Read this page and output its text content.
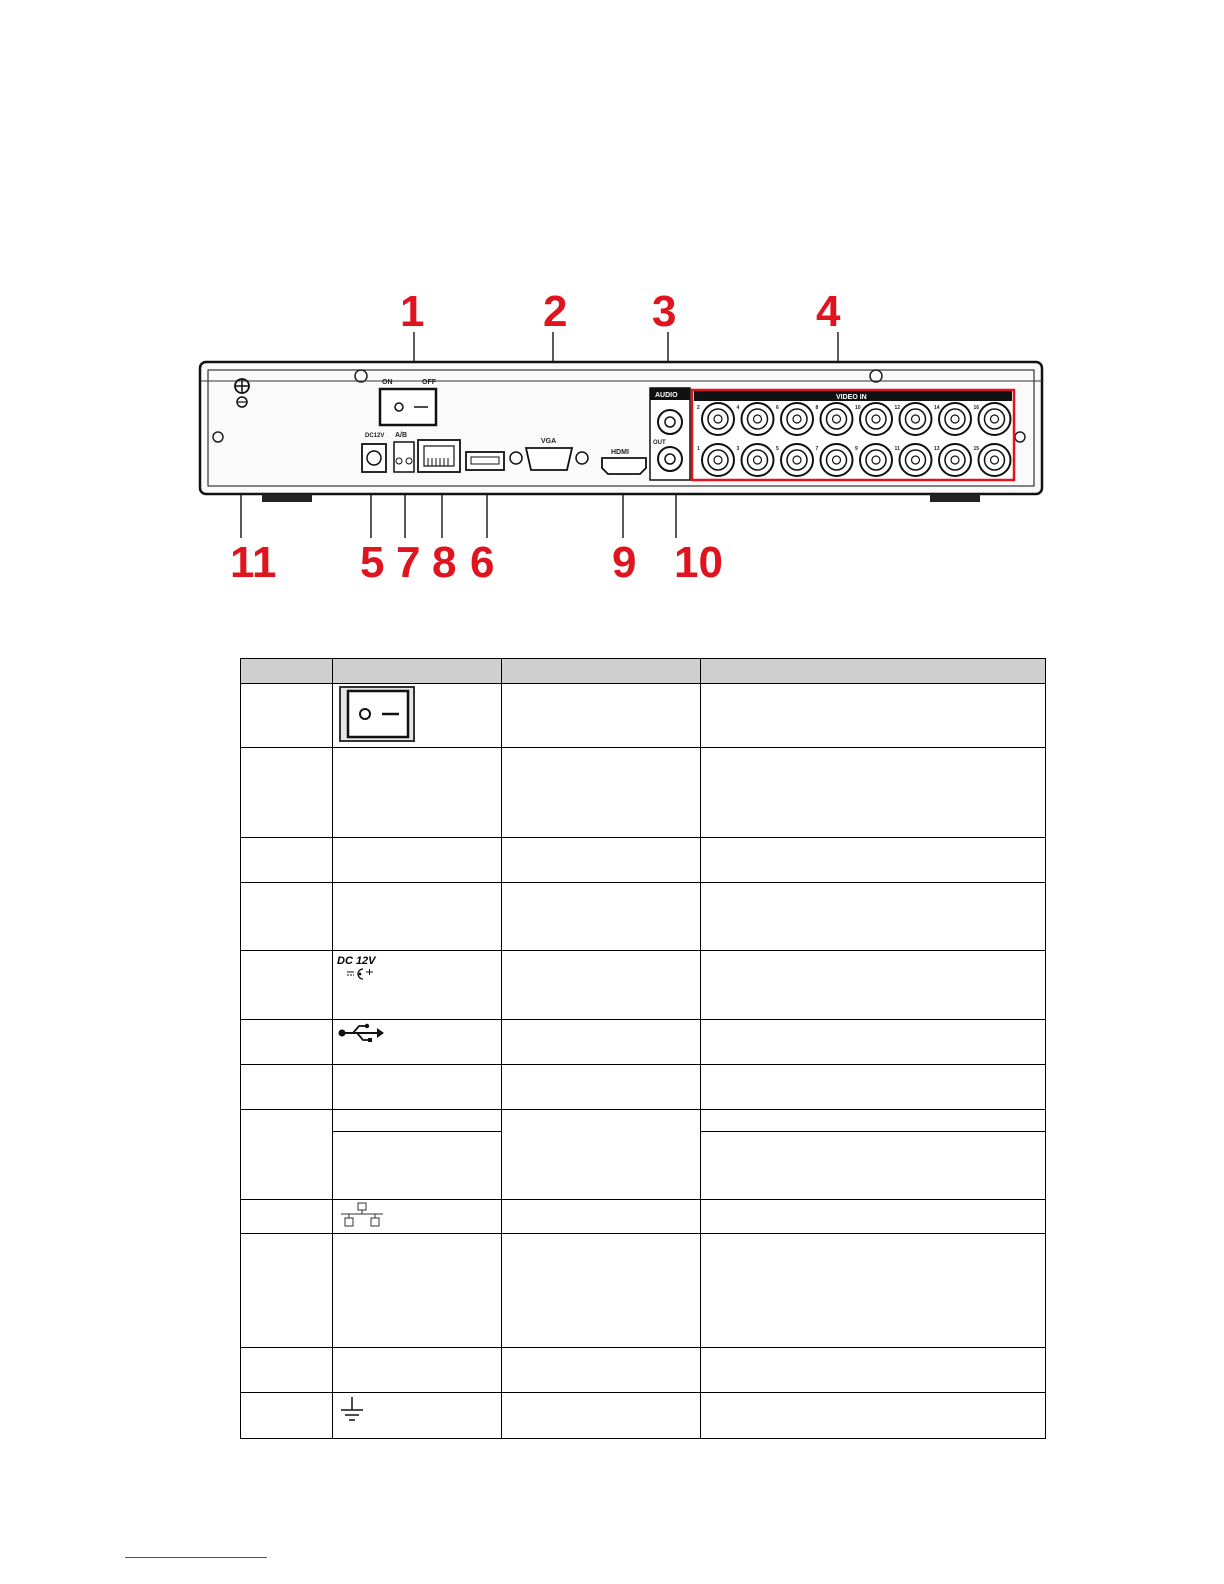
1	2 3	4
5 6
7 8	9 10
11
ON	OFF
DC12V A/B
VGA
HDMI
AUDIO
OUT
VIDEO IN
2	4	6	8	10	12	14	16
1	3	5	7	9	11	13	15

	DC 12V		
